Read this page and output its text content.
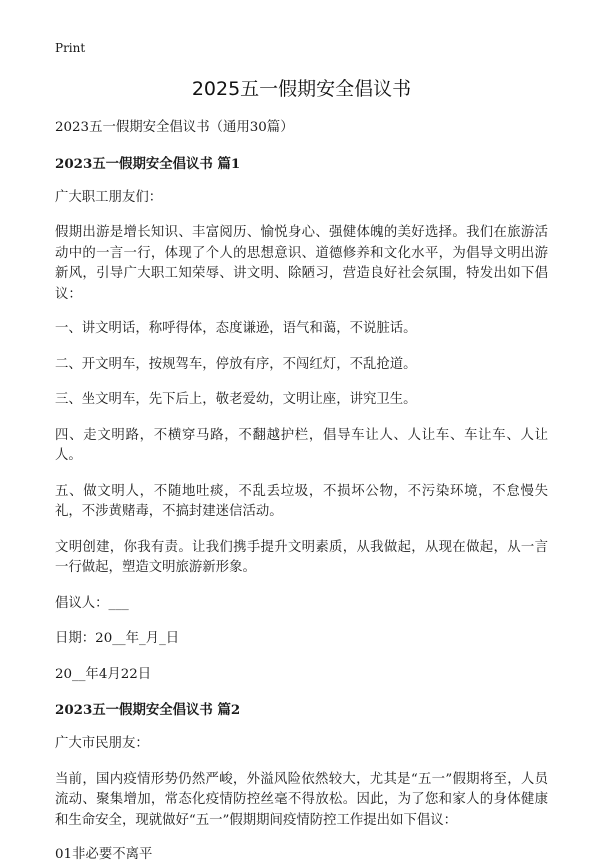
Print
2025五一假期安全倡议书
2023五一假期安全倡议书（通用30篇）
2023五一假期安全倡议书 篇1
广大职工朋友们：
假期出游是增长知识、丰富阅历、愉悦身心、强健体魄的美好选择。我们在旅游活动中的一言一行，体现了个人的思想意识、道德修养和文化水平，为倡导文明出游新风，引导广大职工知荣辱、讲文明、除陋习，营造良好社会氛围，特发出如下倡议：
一、讲文明话，称呼得体，态度谦逊，语气和蔼，不说脏话。
二、开文明车，按规驾车，停放有序，不闯红灯，不乱抢道。
三、坐文明车，先下后上，敬老爱幼，文明让座，讲究卫生。
四、走文明路，不横穿马路，不翻越护栏，倡导车让人、人让车、车让车、人让人。
五、做文明人，不随地吐痰，不乱丢垃圾，不损坏公物，不污染环境，不怠慢失礼，不涉黄赌毒，不搞封建迷信活动。
文明创建，你我有责。让我们携手提升文明素质，从我做起，从现在做起，从一言一行做起，塑造文明旅游新形象。
倡议人：___
日期：20__年_月_日
20__年4月22日
2023五一假期安全倡议书 篇2
广大市民朋友：
当前，国内疫情形势仍然严峻，外溢风险依然较大，尤其是“五一”假期将至，人员流动、聚集增加，常态化疫情防控丝毫不得放松。因此，为了您和家人的身体健康和生命安全，现就做好“五一”假期期间疫情防控工作提出如下倡议：
01非必要不离平
